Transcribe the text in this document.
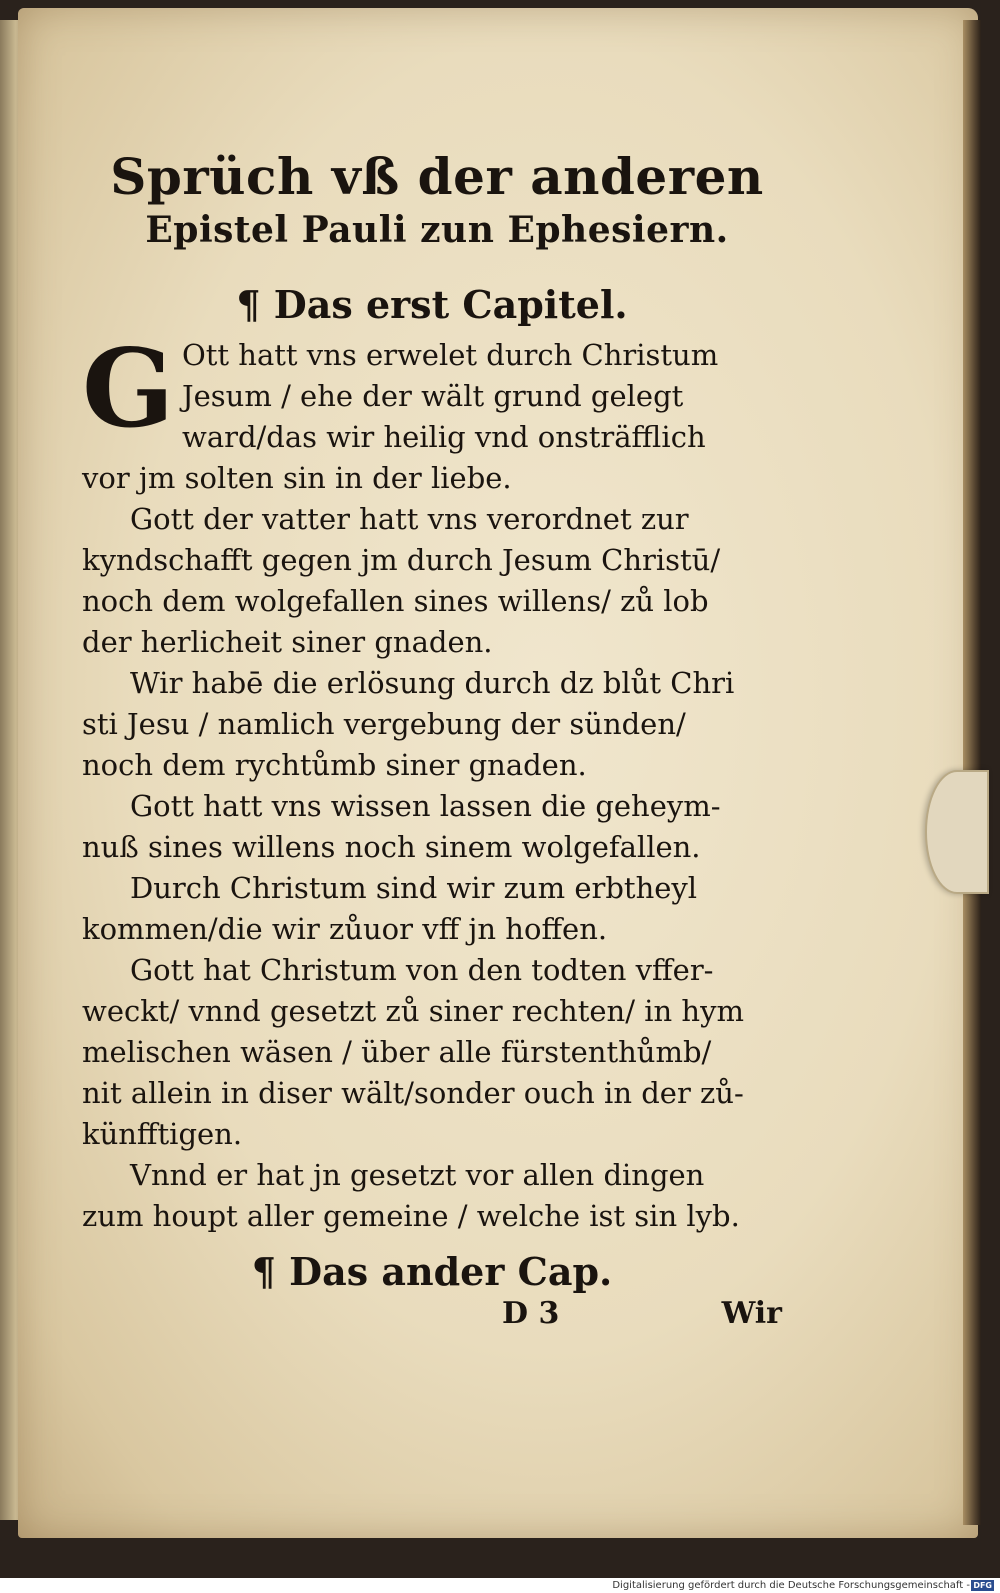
Sprüch vß der anderen
Epistel Pauli zun Ephesiern.
¶ Das erst Capitel.
G Ott hatt vns erwelet durch Christum
Jesum / ehe der wält grund gelegt
ward/das wir heilig vnd onsträfflich
vor jm solten sin in der liebe.
Gott der vatter hatt vns verordnet zur
kyndschafft gegen jm durch Jesum Christū/
noch dem wolgefallen sines willens/ zů lob
der herlicheit siner gnaden.
Wir habē die erlösung durch dz blůt Chri
sti Jesu / namlich vergebung der sünden/
noch dem rychtůmb siner gnaden.
Gott hatt vns wissen lassen die geheym-
nuß sines willens noch sinem wolgefallen.
Durch Christum sind wir zum erbtheyl
kommen/die wir zůuor vff jn hoffen.
Gott hat Christum von den todten vffer-
weckt/ vnnd gesetzt zů siner rechten/ in hym
melischen wäsen / über alle fürstenthůmb/
nit allein in diser wält/sonder ouch in der zů-
künfftigen.
Vnnd er hat jn gesetzt vor allen dingen
zum houpt aller gemeine / welche ist sin lyb.
¶ Das ander Cap.
D 3	Wir
Digitalisierung gefördert durch die Deutsche Forschungsgemeinschaft - DFG
